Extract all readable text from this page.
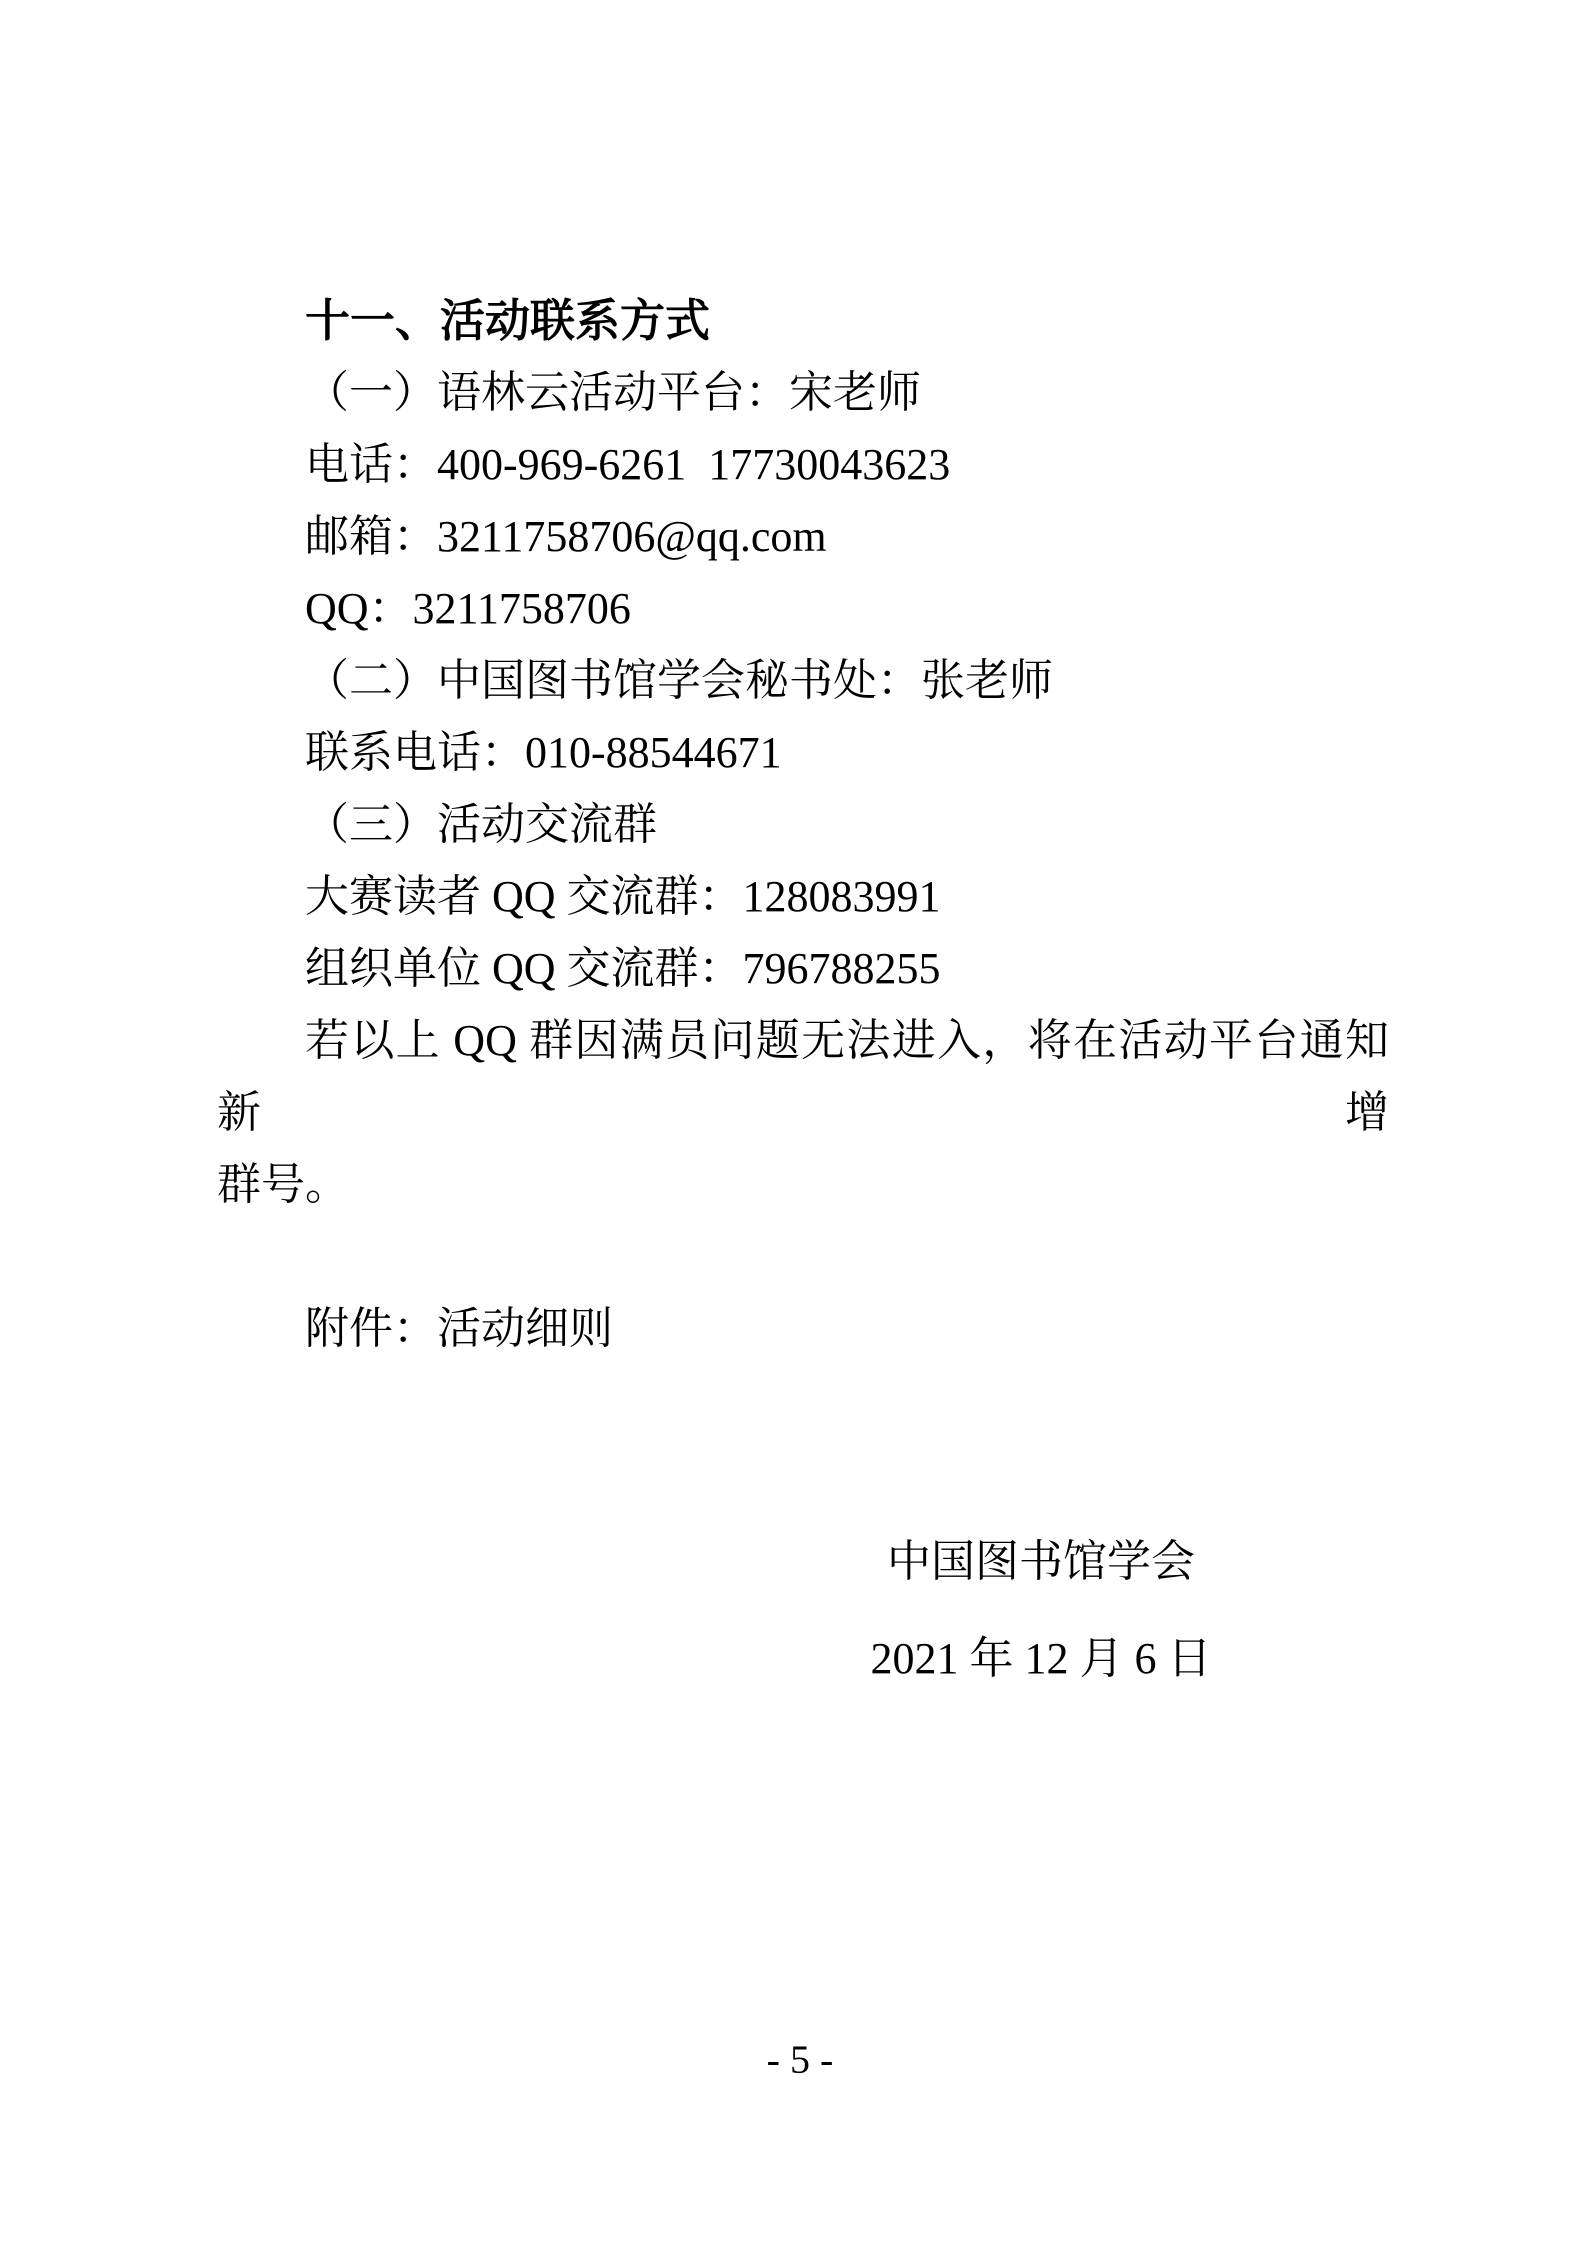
十一、活动联系方式
（一）语林云活动平台：宋老师
电话：400-969-6261  17730043623
邮箱：3211758706@qq.com
QQ：3211758706
（二）中国图书馆学会秘书处：张老师
联系电话：010-88544671
（三）活动交流群
大赛读者 QQ 交流群：128083991
组织单位 QQ 交流群：796788255
若以上 QQ 群因满员问题无法进入，将在活动平台通知新增
群号。
附件：活动细则
中国图书馆学会
2021 年 12 月 6 日
- 5 -
